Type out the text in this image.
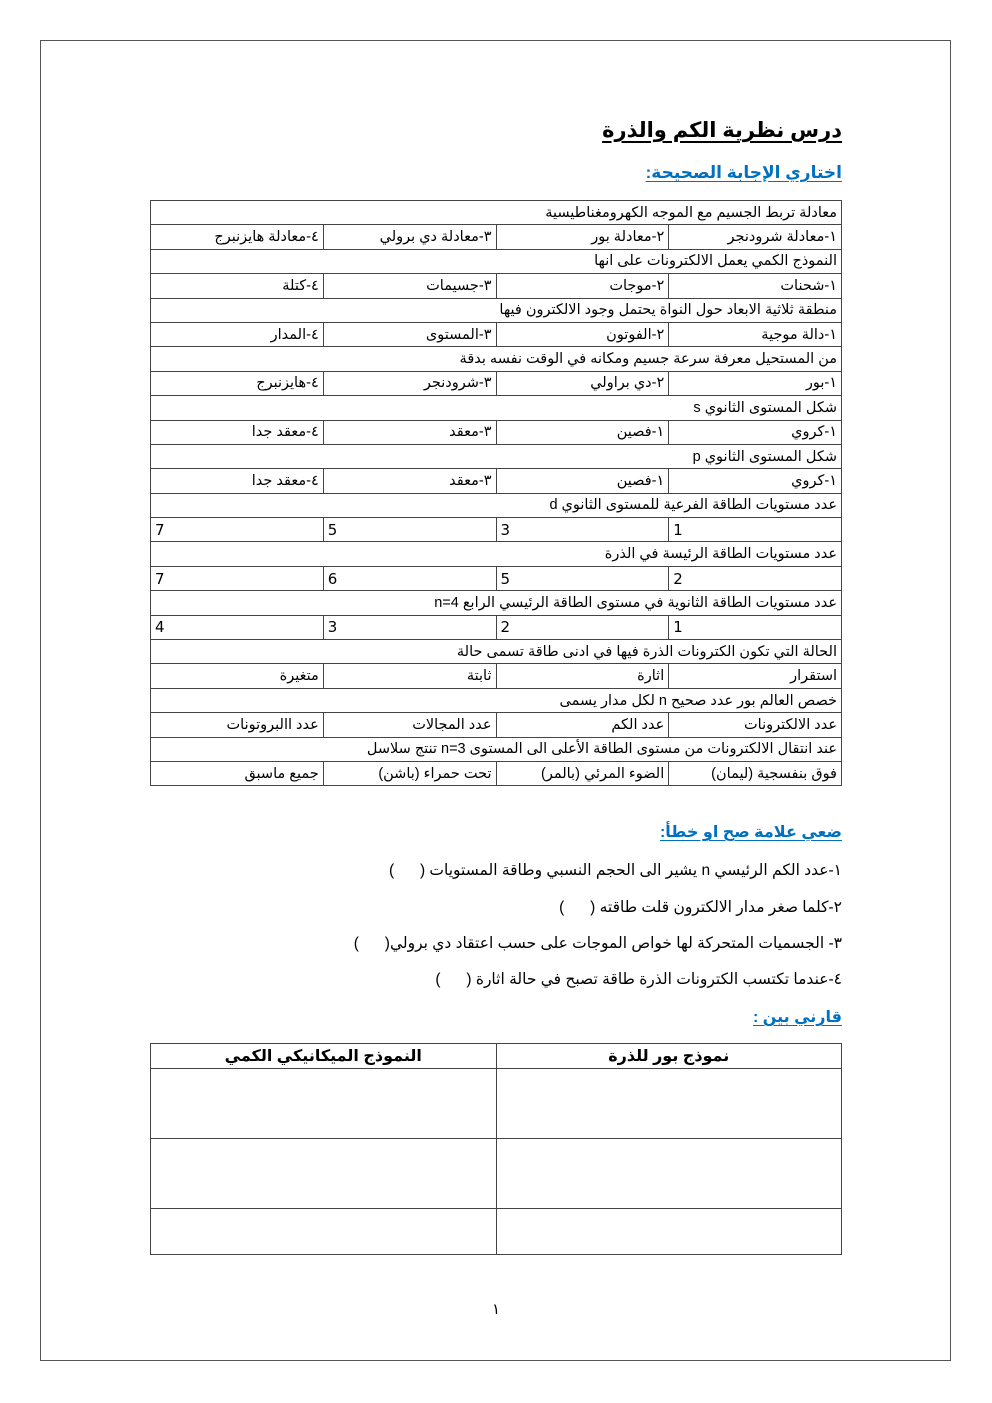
درس نظرية الكم والذرة
اختاري الإجابة الصحيحة:
معادلة تربط الجسيم مع الموجه الكهرومغناطيسية			
١-معادلة شرودنجر	٢-معادلة بور	٣-معادلة دي برولي	٤-معادلة هايزنبرج
النموذج الكمي يعمل الالكترونات على انها			
١-شحنات	٢-موجات	٣-جسيمات	٤-كتلة
منطقة ثلاثية الابعاد حول النواة يحتمل وجود الالكترون فيها			
١-دالة موجية	٢-الفوتون	٣-المستوى	٤-المدار
من المستحيل معرفة سرعة جسيم ومكانه في الوقت نفسه بدقة			
١-بور	٢-دي براولي	٣-شرودنجر	٤-هايزنبرج
شكل المستوى الثانوي s			
١-كروي	١-فصين	٣-معقد	٤-معقد جدا
شكل المستوى الثانوي p			
١-كروي	١-فصين	٣-معقد	٤-معقد جدا
عدد مستويات الطاقة الفرعية للمستوى الثانوي d			
1	3	5	7
عدد مستويات الطاقة الرئيسة في الذرة			
2	5	6	7
عدد مستويات الطاقة الثانوية في مستوى الطاقة الرئيسي الرابع n=4			
1	2	3	4
الحالة التي تكون الكترونات الذرة فيها في ادنى طاقة تسمى حالة			
استقرار	اثارة	ثابتة	متغيرة
خصص العالم بور عدد صحيح n لكل مدار يسمى			
عدد الالكترونات	عدد الكم	عدد المجالات	عدد االبروتونات
عند انتقال الالكترونات من مستوى الطاقة الأعلى الى المستوى n=3 تنتج سلاسل			
فوق بنفسجية (ليمان)	الضوء المرئي (بالمر)	تحت حمراء (باشن)	جميع ماسبق
ضعي علامة صح او خطأ:
١-عدد الكم الرئيسي n يشير الى الحجم النسبي وطاقة المستويات (      )
٢-كلما صغر مدار الالكترون قلت طاقته (      )
٣- الجسميات المتحركة لها خواص الموجات على حسب اعتقاد دي برولي(      )
٤-عندما تكتسب الكترونات الذرة طاقة تصبح في حالة اثارة (      )
قارني بين :
نموذج بور للذرة	النموذج الميكانيكي الكمي

١
